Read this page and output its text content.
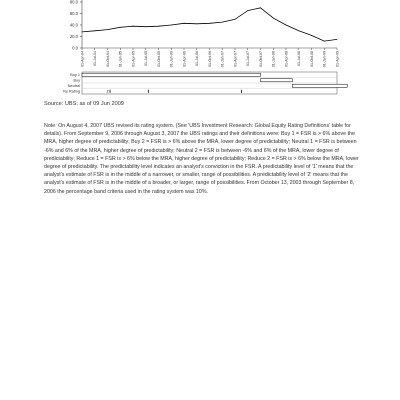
0.0
20.0
40.0
60.0
80.0
01-Apr-04 01-Jul-04 01-Oct-04 01-Jan-05 01-Apr-05 01-Jul-05 01-Oct-05 01-Jan-06 01-Apr-06 01-Jul-06 01-Oct-06 01-Jan-07 01-Apr-07 01-Jul-07 01-Oct-07 01-Jan-08 01-Apr-08 01-Jul-08 01-Oct-08 01-Jan-09 01-Apr-09
Buy 1
Buy
Neutral
No Rating	2
Source: UBS; as of 09 Jun 2009

Note: On August 4, 2007 UBS revised its rating system. (See 'UBS Investment Research: Global Equity Rating Definitions' table for details). From September 9, 2006 through August 3, 2007 the UBS ratings and their definitions were: Buy 1 = FSR is > 6% above the MRA, higher degree of predictability; Buy 2 = FSR is > 6% above the MRA, lower degree of predictability; Neutral 1 = FSR is between -6% and 6% of the MRA, higher degree of predictability; Neutral 2 = FSR is between -6% and 6% of the MRA, lower degree of predictability; Reduce 1 = FSR is > 6% below the MRA, higher degree of predictability; Reduce 2 = FSR is > 6% below the MRA, lower degree of predictability. The predictability level indicates an analyst's conviction in the FSR. A predictability level of '1' means that the analyst's estimate of FSR is in the middle of a narrower, or smaller, range of possibilities. A predictability level of '2' means that the analyst's estimate of FSR is in the middle of a broader, or larger, range of possibilities. From October 13, 2003 through September 8, 2006 the percentage band criteria used in the rating system was 10%.
